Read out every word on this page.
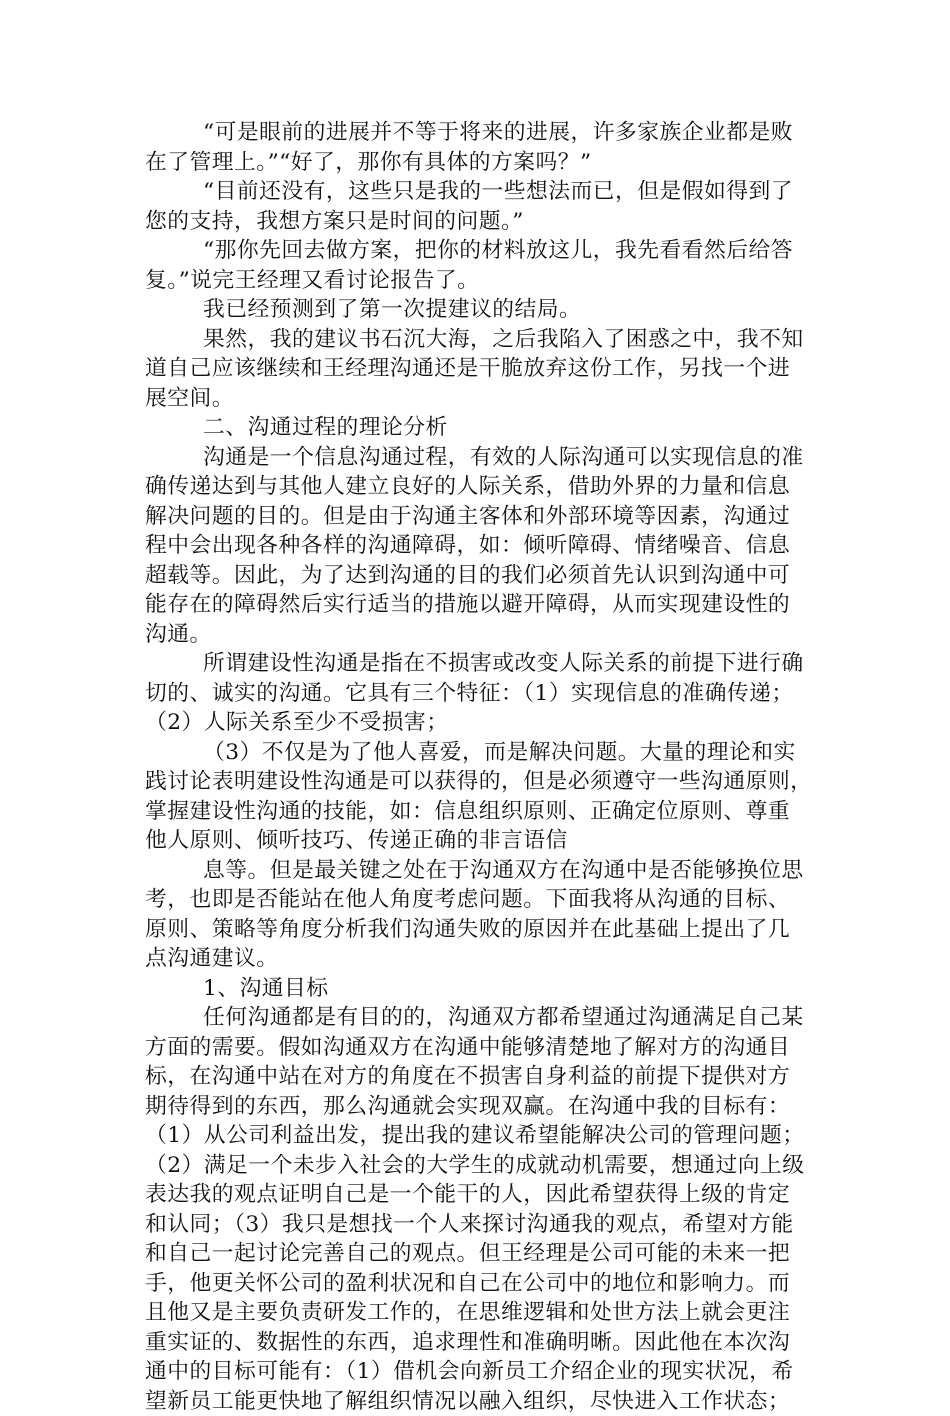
“可是眼前的进展并不等于将来的进展，许多家族企业都是败
在了管理上。”“好了，那你有具体的方案吗？”
“目前还没有，这些只是我的一些想法而已，但是假如得到了
您的支持，我想方案只是时间的问题。”
“那你先回去做方案，把你的材料放这儿，我先看看然后给答
复。”说完王经理又看讨论报告了。
我已经预测到了第一次提建议的结局。
果然，我的建议书石沉大海，之后我陷入了困惑之中，我不知
道自己应该继续和王经理沟通还是干脆放弃这份工作，另找一个进
展空间。
二、沟通过程的理论分析
沟通是一个信息沟通过程，有效的人际沟通可以实现信息的准
确传递达到与其他人建立良好的人际关系，借助外界的力量和信息
解决问题的目的。但是由于沟通主客体和外部环境等因素，沟通过
程中会出现各种各样的沟通障碍，如：倾听障碍、情绪噪音、信息
超载等。因此，为了达到沟通的目的我们必须首先认识到沟通中可
能存在的障碍然后实行适当的措施以避开障碍，从而实现建设性的
沟通。
所谓建设性沟通是指在不损害或改变人际关系的前提下进行确
切的、诚实的沟通。它具有三个特征：（1）实现信息的准确传递；
（2）人际关系至少不受损害；
（3）不仅是为了他人喜爱，而是解决问题。大量的理论和实
践讨论表明建设性沟通是可以获得的，但是必须遵守一些沟通原则，
掌握建设性沟通的技能，如：信息组织原则、正确定位原则、尊重
他人原则、倾听技巧、传递正确的非言语信
息等。但是最关键之处在于沟通双方在沟通中是否能够换位思
考，也即是否能站在他人角度考虑问题。下面我将从沟通的目标、
原则、策略等角度分析我们沟通失败的原因并在此基础上提出了几
点沟通建议。
1、沟通目标
任何沟通都是有目的的，沟通双方都希望通过沟通满足自己某
方面的需要。假如沟通双方在沟通中能够清楚地了解对方的沟通目
标，在沟通中站在对方的角度在不损害自身利益的前提下提供对方
期待得到的东西，那么沟通就会实现双赢。在沟通中我的目标有：
（1）从公司利益出发，提出我的建议希望能解决公司的管理问题；
（2）满足一个未步入社会的大学生的成就动机需要，想通过向上级
表达我的观点证明自己是一个能干的人，因此希望获得上级的肯定
和认同；（3）我只是想找一个人来探讨沟通我的观点，希望对方能
和自己一起讨论完善自己的观点。但王经理是公司可能的未来一把
手，他更关怀公司的盈利状况和自己在公司中的地位和影响力。而
且他又是主要负责研发工作的，在思维逻辑和处世方法上就会更注
重实证的、数据性的东西，追求理性和准确明晰。因此他在本次沟
通中的目标可能有：（1）借机会向新员工介绍企业的现实状况，希
望新员工能更快地了解组织情况以融入组织，尽快进入工作状态；
